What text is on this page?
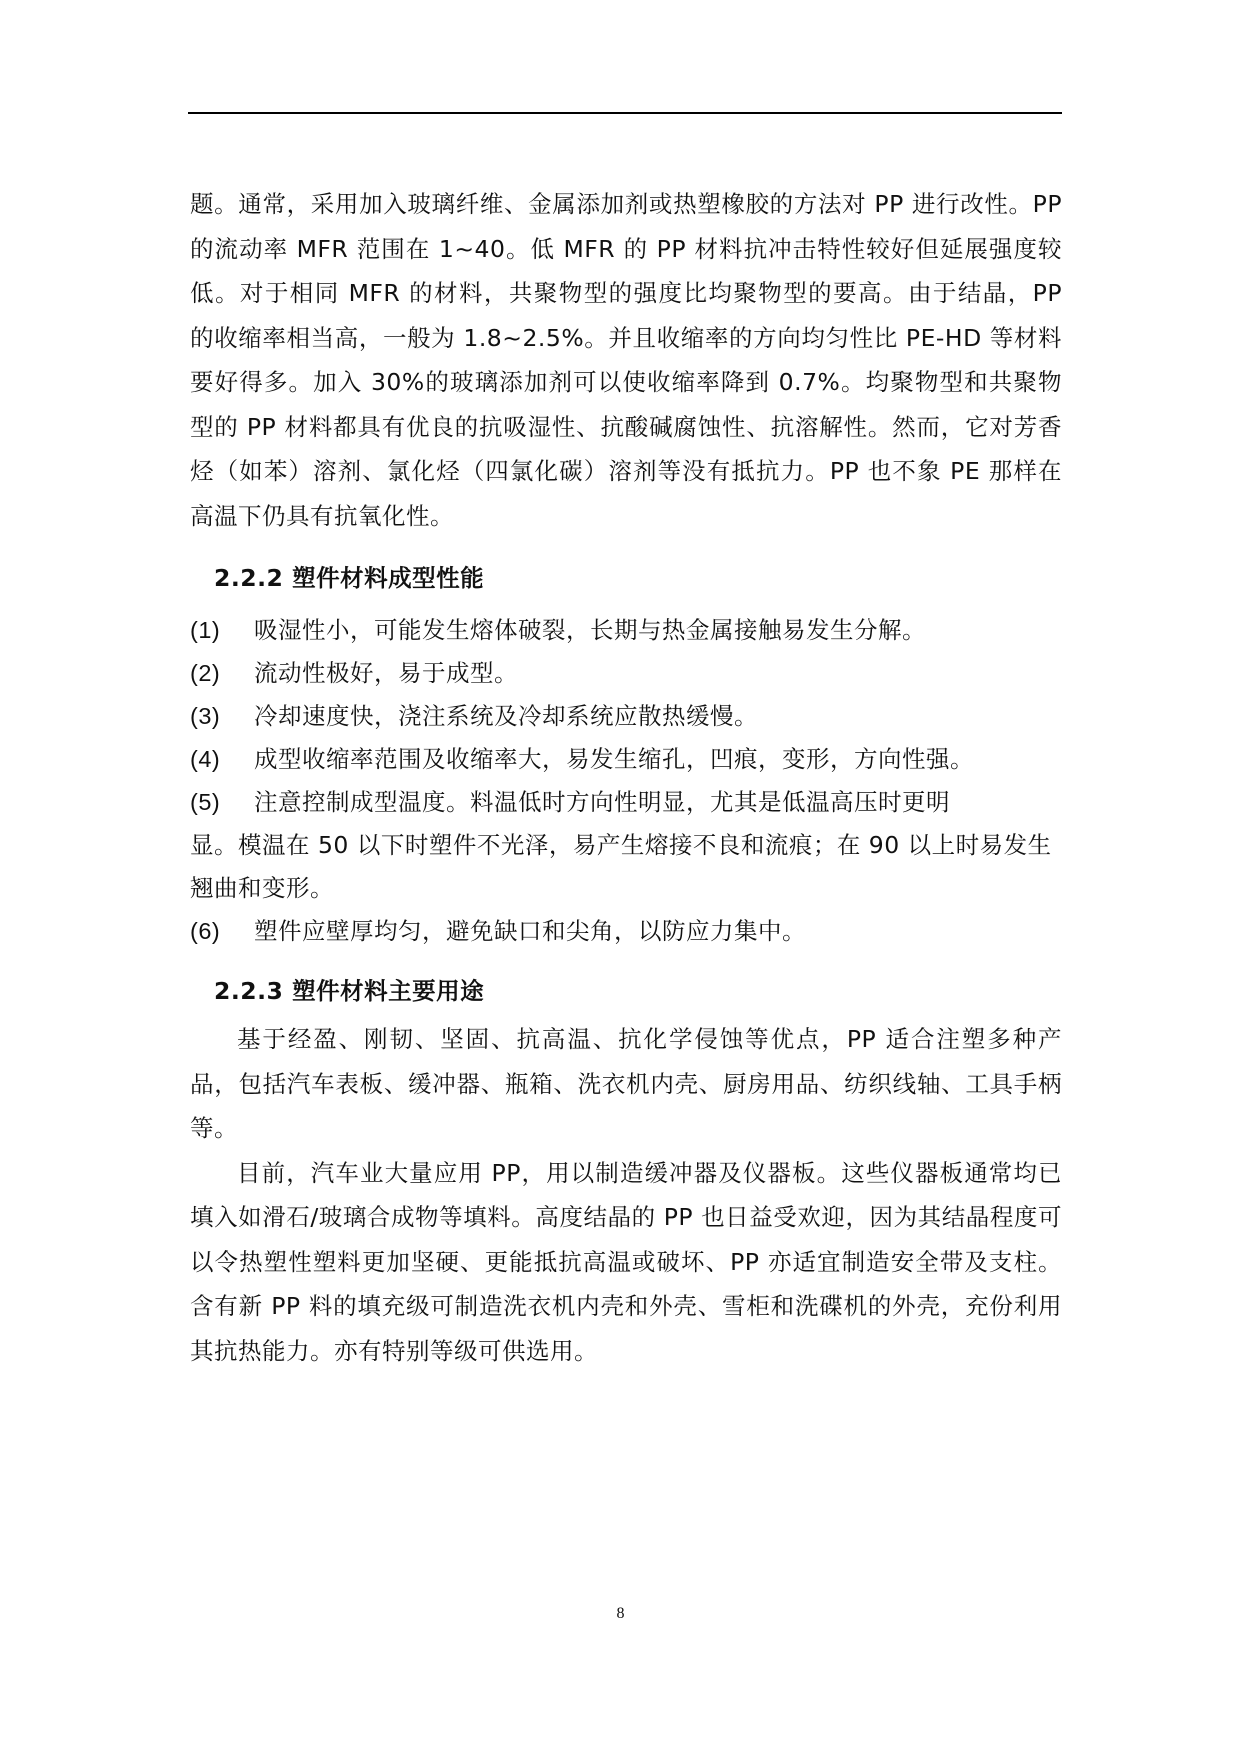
题。通常，采用加入玻璃纤维、金属添加剂或热塑橡胶的方法对 PP 进行改性。PP 的流动率 MFR 范围在 1~40。低 MFR 的 PP 材料抗冲击特性较好但延展强度较低。对于相同 MFR 的材料，共聚物型的强度比均聚物型的要高。由于结晶，PP 的收缩率相当高，一般为 1.8~2.5%。并且收缩率的方向均匀性比 PE-HD 等材料要好得多。加入 30%的玻璃添加剂可以使收缩率降到 0.7%。均聚物型和共聚物型的 PP 材料都具有优良的抗吸湿性、抗酸碱腐蚀性、抗溶解性。然而，它对芳香烃（如苯）溶剂、氯化烃（四氯化碳）溶剂等没有抵抗力。PP 也不象 PE 那样在高温下仍具有抗氧化性。

2.2.2 塑件材料成型性能
(1) 吸湿性小，可能发生熔体破裂，长期与热金属接触易发生分解。
(2) 流动性极好，易于成型。
(3) 冷却速度快，浇注系统及冷却系统应散热缓慢。
(4) 成型收缩率范围及收缩率大，易发生缩孔，凹痕，变形，方向性强。
(5) 注意控制成型温度。料温低时方向性明显，尤其是低温高压时更明
显。模温在 50 以下时塑件不光泽，易产生熔接不良和流痕；在 90 以上时易发生翘曲和变形。
(6) 塑件应壁厚均匀，避免缺口和尖角，以防应力集中。
2.2.3 塑件材料主要用途

基于经盈、刚韧、坚固、抗高温、抗化学侵蚀等优点，PP 适合注塑多种产品，包括汽车表板、缓冲器、瓶箱、洗衣机内壳、厨房用品、纺织线轴、工具手柄等。

目前，汽车业大量应用 PP，用以制造缓冲器及仪器板。这些仪器板通常均已填入如滑石/玻璃合成物等填料。高度结晶的 PP 也日益受欢迎，因为其结晶程度可以令热塑性塑料更加坚硬、更能抵抗高温或破坏、PP 亦适宜制造安全带及支柱。含有新 PP 料的填充级可制造洗衣机内壳和外壳、雪柜和洗碟机的外壳，充份利用其抗热能力。亦有特别等级可供选用。

8
